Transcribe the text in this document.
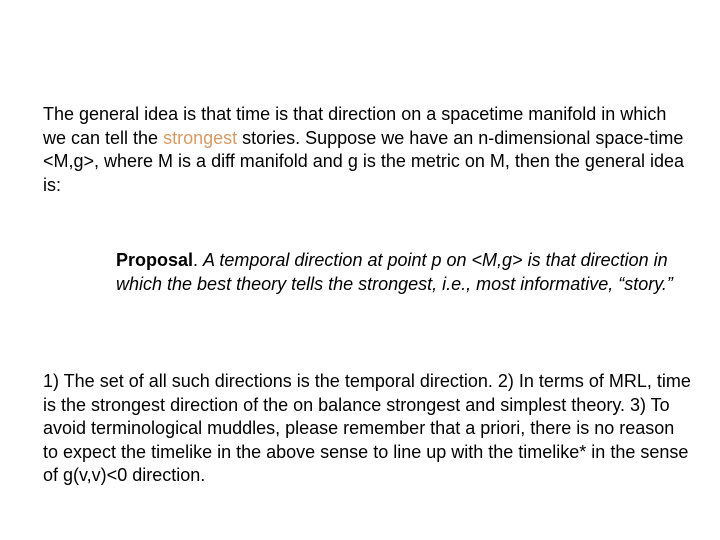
The general idea is that time is that direction on a spacetime manifold in which we can tell the strongest stories. Suppose we have an n-dimensional space-time <M,g>, where M is a diff manifold and g is the metric on M, then the general idea is:

Proposal. A temporal direction at point p on <M,g> is that direction in which the best theory tells the strongest, i.e., most informative, “story.”

1) The set of all such directions is the temporal direction. 2) In terms of MRL, time is the strongest direction of the on balance strongest and simplest theory. 3) To avoid terminological muddles, please remember that a priori, there is no reason to expect the timelike in the above sense to line up with the timelike* in the sense of g(v,v)<0 direction.
